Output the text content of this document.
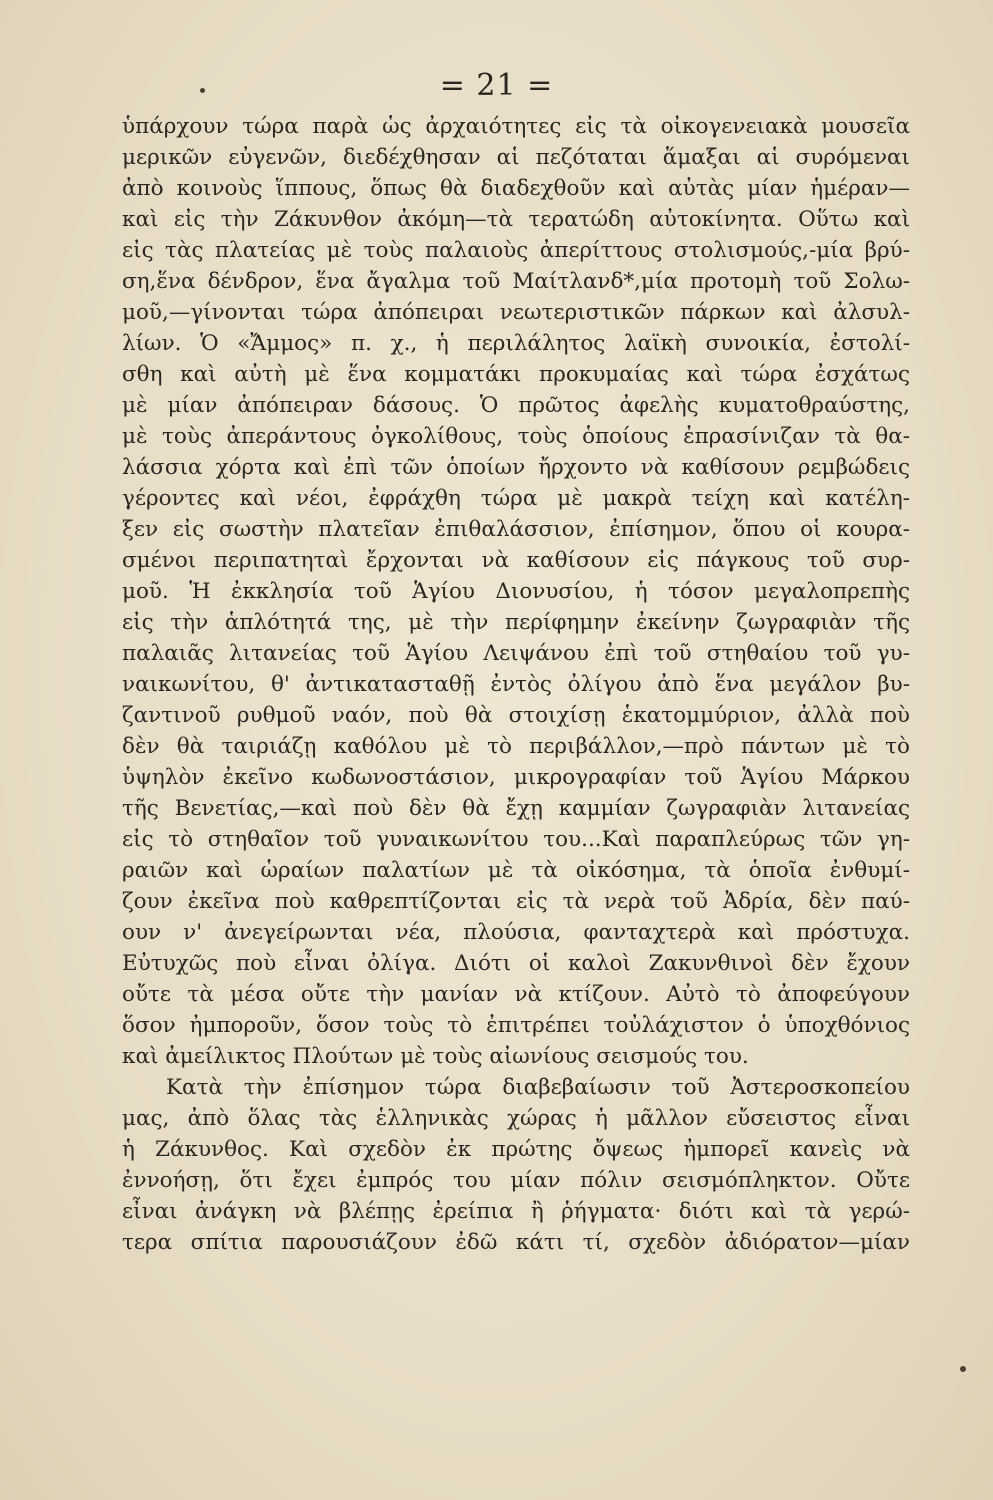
= 21 =
ὑπάρχουν τώρα παρὰ ὡς ἀρχαιότητες εἰς τὰ οἰκογενειακὰ μουσεῖα
μερικῶν εὐγενῶν, διεδέχθησαν αἱ πεζόταται ἅμαξαι αἱ συρόμεναι
ἀπὸ κοινοὺς ἵππους, ὅπως θὰ διαδεχθοῦν καὶ αὐτὰς μίαν ἡμέραν—
καὶ εἰς τὴν Ζάκυνθον ἀκόμη—τὰ τερατώδη αὐτοκίνητα. Οὕτω καὶ
εἰς τὰς πλατείας μὲ τοὺς παλαιοὺς ἀπερίττους στολισμούς,-μία βρύ-
ση,ἕνα δένδρον, ἕνα ἄγαλμα τοῦ Μαίτλανδ*,μία προτομὴ τοῦ Σολω-
μοῦ,—γίνονται τώρα ἀπόπειραι νεωτεριστικῶν πάρκων καὶ ἀλσυλ-
λίων. Ὁ «Ἄμμος» π. χ., ἡ περιλάλητος λαϊκὴ συνοικία, ἐστολί-
σθη καὶ αὐτὴ μὲ ἕνα κομματάκι προκυμαίας καὶ τώρα ἐσχάτως
μὲ μίαν ἀπόπειραν δάσους. Ὁ πρῶτος ἀφελὴς κυματοθραύστης,
μὲ τοὺς ἀπεράντους ὀγκολίθους, τοὺς ὁποίους ἐπρασίνιζαν τὰ θα-
λάσσια χόρτα καὶ ἐπὶ τῶν ὁποίων ἤρχοντο νὰ καθίσουν ρεμβώδεις
γέροντες καὶ νέοι, ἐφράχθη τώρα μὲ μακρὰ τείχη καὶ κατέλη-
ξεν εἰς σωστὴν πλατεῖαν ἐπιθαλάσσιον, ἐπίσημον, ὅπου οἱ κουρα-
σμένοι περιπατηταὶ ἔρχονται νὰ καθίσουν εἰς πάγκους τοῦ συρ-
μοῦ. Ἡ ἐκκλησία τοῦ Ἁγίου Διονυσίου, ἡ τόσον μεγαλοπρεπὴς
εἰς τὴν ἁπλότητά της, μὲ τὴν περίφημην ἐκείνην ζωγραφιὰν τῆς
παλαιᾶς λιτανείας τοῦ Ἁγίου Λειψάνου ἐπὶ τοῦ στηθαίου τοῦ γυ-
ναικωνίτου, θ' ἀντικατασταθῇ ἐντὸς ὀλίγου ἀπὸ ἕνα μεγάλον βυ-
ζαντινοῦ ρυθμοῦ ναόν, ποὺ θὰ στοιχίσῃ ἑκατομμύριον, ἀλλὰ ποὺ
δὲν θὰ ταιριάζῃ καθόλου μὲ τὸ περιβάλλον,—πρὸ πάντων μὲ τὸ
ὑψηλὸν ἐκεῖνο κωδωνοστάσιον, μικρογραφίαν τοῦ Ἁγίου Μάρκου
τῆς Βενετίας,—καὶ ποὺ δὲν θὰ ἔχῃ καμμίαν ζωγραφιὰν λιτανείας
εἰς τὸ στηθαῖον τοῦ γυναικωνίτου του...Καὶ παραπλεύρως τῶν γη-
ραιῶν καὶ ὡραίων παλατίων μὲ τὰ οἰκόσημα, τὰ ὁποῖα ἐνθυμί-
ζουν ἐκεῖνα ποὺ καθρεπτίζονται εἰς τὰ νερὰ τοῦ Ἀδρία, δὲν παύ-
ουν ν' ἀνεγείρωνται νέα, πλούσια, φανταχτερὰ καὶ πρόστυχα.
Εὐτυχῶς ποὺ εἶναι ὀλίγα. Διότι οἱ καλοὶ Ζακυνθινοὶ δὲν ἔχουν
οὔτε τὰ μέσα οὔτε τὴν μανίαν νὰ κτίζουν. Αὐτὸ τὸ ἀποφεύγουν
ὅσον ἠμποροῦν, ὅσον τοὺς τὸ ἐπιτρέπει τοὐλάχιστον ὁ ὑποχθόνιος
καὶ ἀμείλικτος Πλούτων μὲ τοὺς αἰωνίους σεισμούς του.
Κατὰ τὴν ἐπίσημον τώρα διαβεβαίωσιν τοῦ Ἀστεροσκοπείου
μας, ἀπὸ ὅλας τὰς ἑλληνικὰς χώρας ἡ μᾶλλον εὔσειστος εἶναι
ἡ Ζάκυνθος. Καὶ σχεδὸν ἐκ πρώτης ὄψεως ἠμπορεῖ κανεὶς νὰ
ἐννοήσῃ, ὅτι ἔχει ἐμπρός του μίαν πόλιν σεισμόπληκτον. Οὔτε
εἶναι ἀνάγκη νὰ βλέπῃς ἐρείπια ἢ ῥήγματα· διότι καὶ τὰ γερώ-
τερα σπίτια παρουσιάζουν ἐδῶ κάτι τί, σχεδὸν ἀδιόρατον—μίαν
